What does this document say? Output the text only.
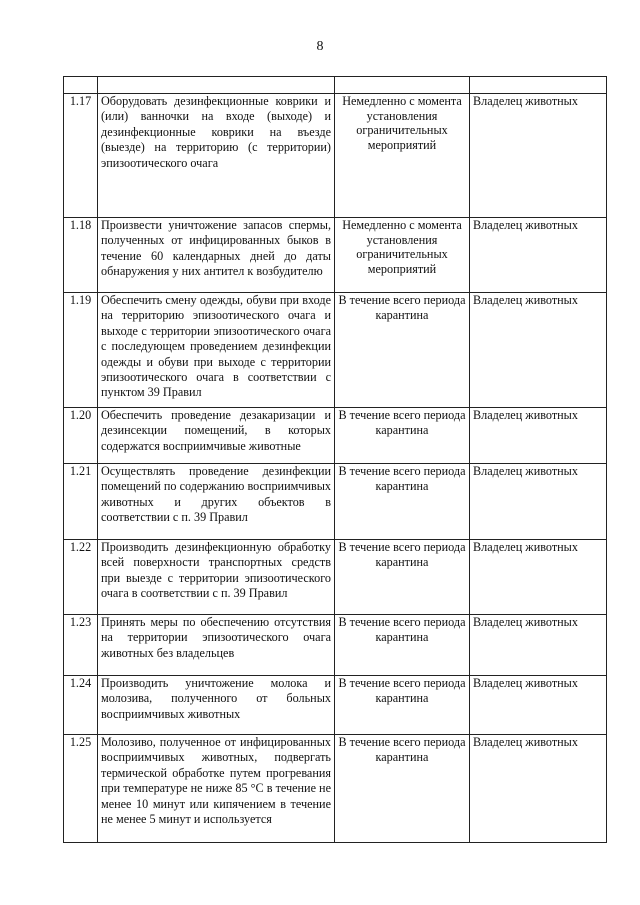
8

1.17	Оборудовать дезинфекционные коврики и (или) ванночки на входе (выходе) и дезинфекционные коврики на въезде (выезде) на территорию (с территории) эпизоотического очага	Немедленно с момента установления ограничительных мероприятий	Владелец животных
1.18	Произвести уничтожение запасов спермы, полученных от инфицированных быков в течение 60 календарных дней до даты обнаружения у них антител к возбудителю	Немедленно с момента установления ограничительных мероприятий	Владелец животных
1.19	Обеспечить смену одежды, обуви при входе на территорию эпизоотического очага и выходе с территории эпизоотического очага с последующем проведением дезинфекции одежды и обуви при выходе с территории эпизоотического очага в соответствии с пунктом 39 Правил	В течение всего периода карантина	Владелец животных
1.20	Обеспечить проведение дезакаризации и дезинсекции помещений, в которых содержатся восприимчивые животные	В течение всего периода карантина	Владелец животных
1.21	Осуществлять проведение дезинфекции помещений по содержанию восприимчивых животных и других объектов в соответствии с п. 39 Правил	В течение всего периода карантина	Владелец животных
1.22	Производить дезинфекционную обработку всей поверхности транспортных средств при выезде с территории эпизоотического очага в соответствии с п. 39 Правил	В течение всего периода карантина	Владелец животных
1.23	Принять меры по обеспечению отсутствия на территории эпизоотического очага животных без владельцев	В течение всего периода карантина	Владелец животных
1.24	Производить уничтожение молока и молозива, полученного от больных восприимчивых животных	В течение всего периода карантина	Владелец животных
1.25	Молозиво, полученное от инфицированных восприимчивых животных, подвергать термической обработке путем прогревания при температуре не ниже 85 °С в течение не менее 10 минут или кипячением в течение не менее 5 минут и используется	В течение всего периода карантина	Владелец животных
